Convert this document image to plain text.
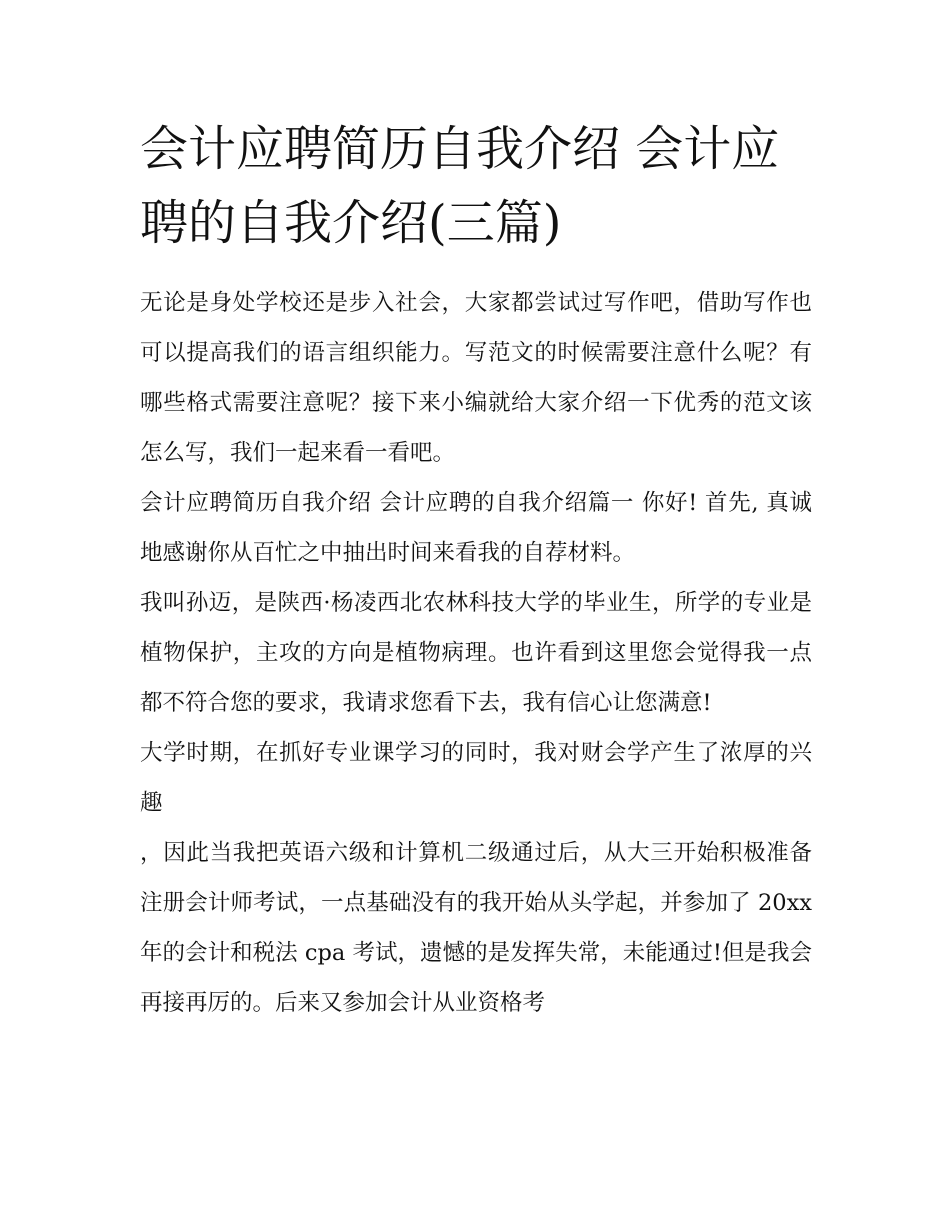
会计应聘简历自我介绍 会计应聘的自我介绍(三篇)

无论是身处学校还是步入社会，大家都尝试过写作吧，借助写作也可以提高我们的语言组织能力。写范文的时候需要注意什么呢？有哪些格式需要注意呢？接下来小编就给大家介绍一下优秀的范文该怎么写，我们一起来看一看吧。

会计应聘简历自我介绍 会计应聘的自我介绍篇一 你好! 首先, 真诚地感谢你从百忙之中抽出时间来看我的自荐材料。

我叫孙迈，是陕西·杨凌西北农林科技大学的毕业生，所学的专业是植物保护，主攻的方向是植物病理。也许看到这里您会觉得我一点都不符合您的要求，我请求您看下去，我有信心让您满意!

大学时期，在抓好专业课学习的同时，我对财会学产生了浓厚的兴趣

，因此当我把英语六级和计算机二级通过后，从大三开始积极准备注册会计师考试，一点基础没有的我开始从头学起，并参加了 20xx 年的会计和税法 cpa 考试，遗憾的是发挥失常，未能通过!但是我会再接再厉的。后来又参加会计从业资格考
